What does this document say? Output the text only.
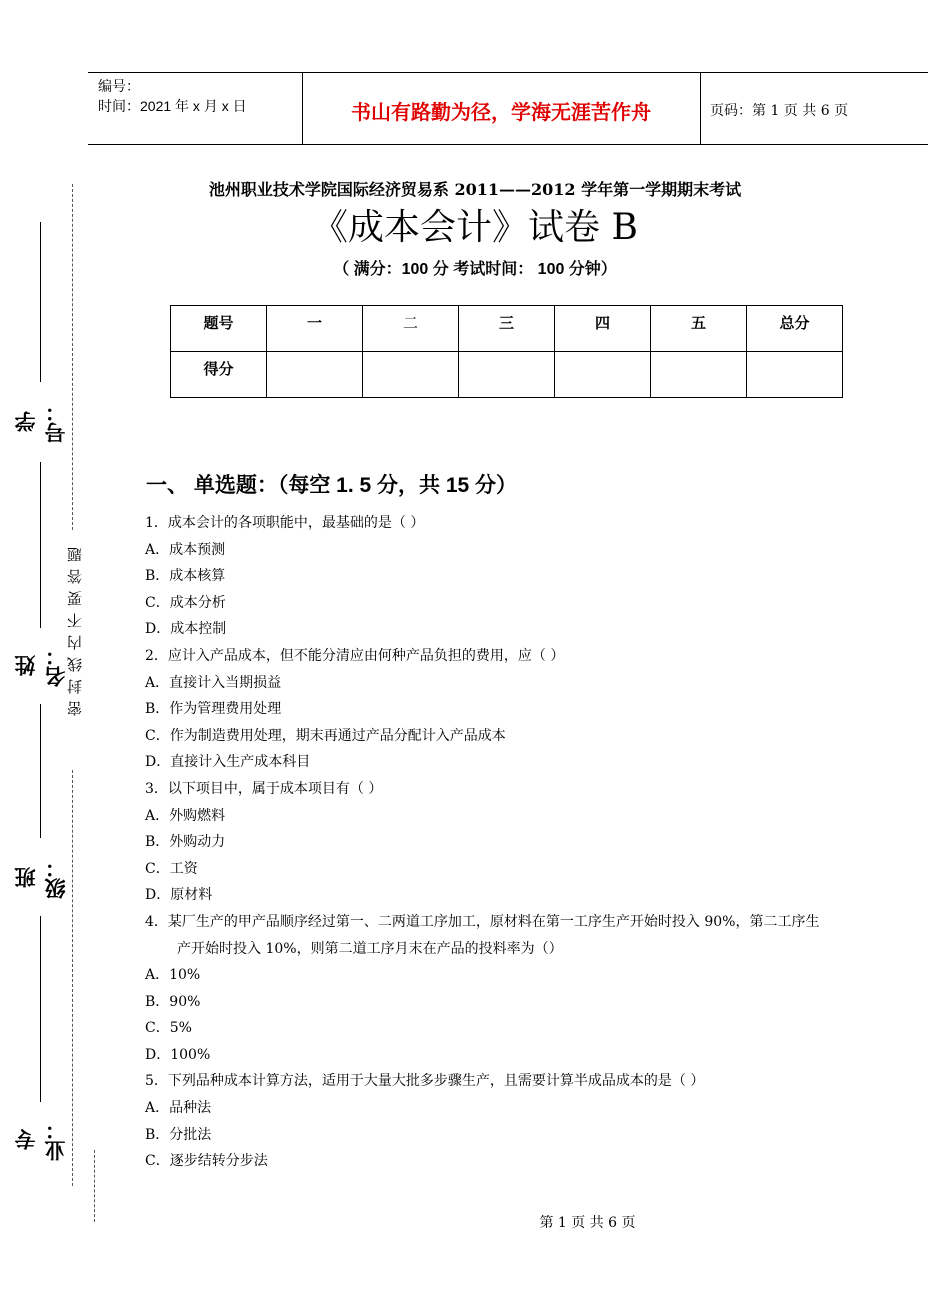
编号：
时间：2021 年 x 月 x 日	书山有路勤为径，学海无涯苦作舟	页码：第 1 页 共 6 页
池州职业技术学院国际经济贸易系 2011——2012 学年第一学期期末考试
《成本会计》试卷 B
（ 满分：100 分 考试时间： 100 分钟）
题号	一	二	三	四	五	总分
得分						
一、 单选题：（每空 1. 5 分，共 15 分）
1．成本会计的各项职能中，最基础的是（ ）
A．成本预测
B．成本核算
C．成本分析
D．成本控制
2．应计入产品成本，但不能分清应由何种产品负担的费用，应（ ）
A．直接计入当期损益
B．作为管理费用处理
C．作为制造费用处理，期末再通过产品分配计入产品成本
D．直接计入生产成本科目
3．以下项目中，属于成本项目有（ ）
A．外购燃料
B．外购动力
C．工资
D．原材料
4．某厂生产的甲产品顺序经过第一、二两道工序加工，原材料在第一工序生产开始时投入 90%，第二工序生
产开始时投入 10%，则第二道工序月末在产品的投料率为（）
A．10%
B．90%
C．5%
D．100%
5．下列品种成本计算方法，适用于大量大批多步骤生产，且需要计算半成品成本的是（ ）
A．品种法
B．分批法
C．逐步结转分步法
学号：
姓名：
班级：
专业：
密封线内不要答题
第 1 页 共 6 页
